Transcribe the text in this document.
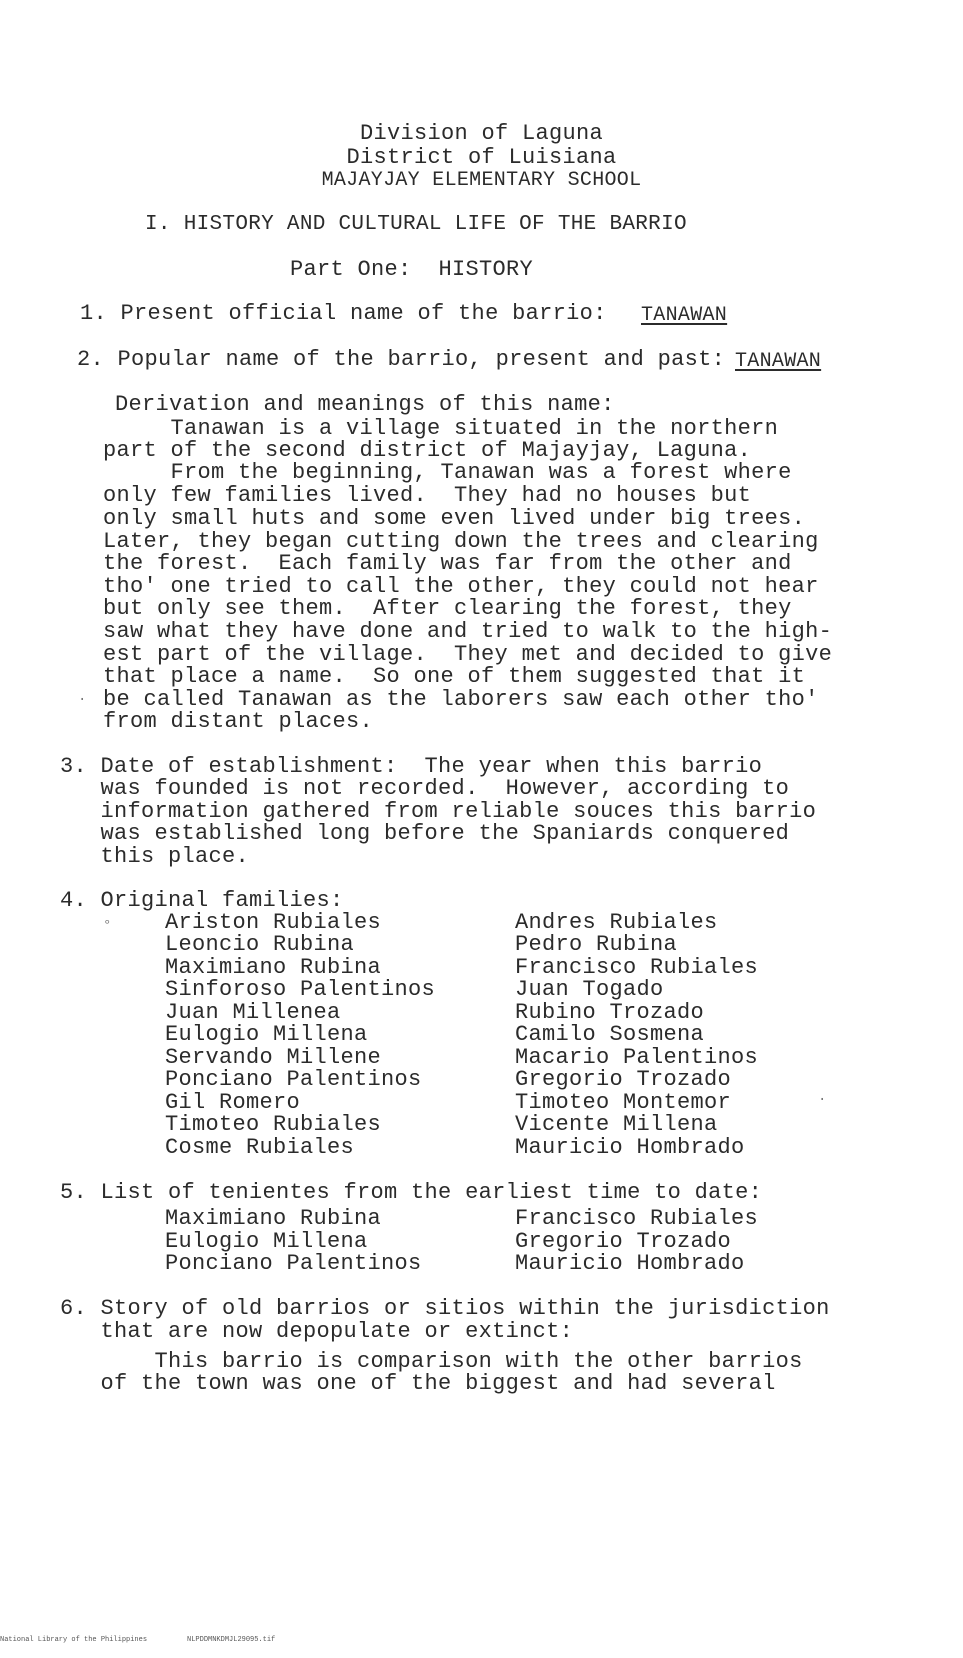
Division of Laguna
District of Luisiana
MAJAYJAY ELEMENTARY SCHOOL
I. HISTORY AND CULTURAL LIFE OF THE BARRIO
Part One:  HISTORY
1. Present official name of the barrio: TANAWAN
2. Popular name of the barrio, present and past: TANAWAN
Derivation and meanings of this name:
Tanawan is a village situated in the northern
part of the second district of Majayjay, Laguna.
From the beginning, Tanawan was a forest where
only few families lived.  They had no houses but
only small huts and some even lived under big trees.
Later, they began cutting down the trees and clearing
the forest.  Each family was far from the other and
tho' one tried to call the other, they could not hear
but only see them.  After clearing the forest, they
saw what they have done and tried to walk to the high-
est part of the village.  They met and decided to give
that place a name.  So one of them suggested that it
be called Tanawan as the laborers saw each other tho'
from distant places.
3. Date of establishment:  The year when this barrio
was founded is not recorded.  However, according to
information gathered from reliable souces this barrio
was established long before the Spaniards conquered
this place.
4. Original families:
Ariston Rubiales
Leoncio Rubina
Maximiano Rubina
Sinforoso Palentinos
Juan Millenea
Eulogio Millena
Servando Millene
Ponciano Palentinos
Gil Romero
Timoteo Rubiales
Cosme Rubiales
Andres Rubiales
Pedro Rubina
Francisco Rubiales
Juan Togado
Rubino Trozado
Camilo Sosmena
Macario Palentinos
Gregorio Trozado
Timoteo Montemor
Vicente Millena
Mauricio Hombrado
5. List of tenientes from the earliest time to date:
Maximiano Rubina
Eulogio Millena
Ponciano Palentinos
Francisco Rubiales
Gregorio Trozado
Mauricio Hombrado
6. Story of old barrios or sitios within the jurisdiction
that are now depopulate or extinct:
This barrio is comparison with the other barrios
of the town was one of the biggest and had several
°
·
·
National Library of the Philippines	NLPDDMNKDMJL29095.tif
